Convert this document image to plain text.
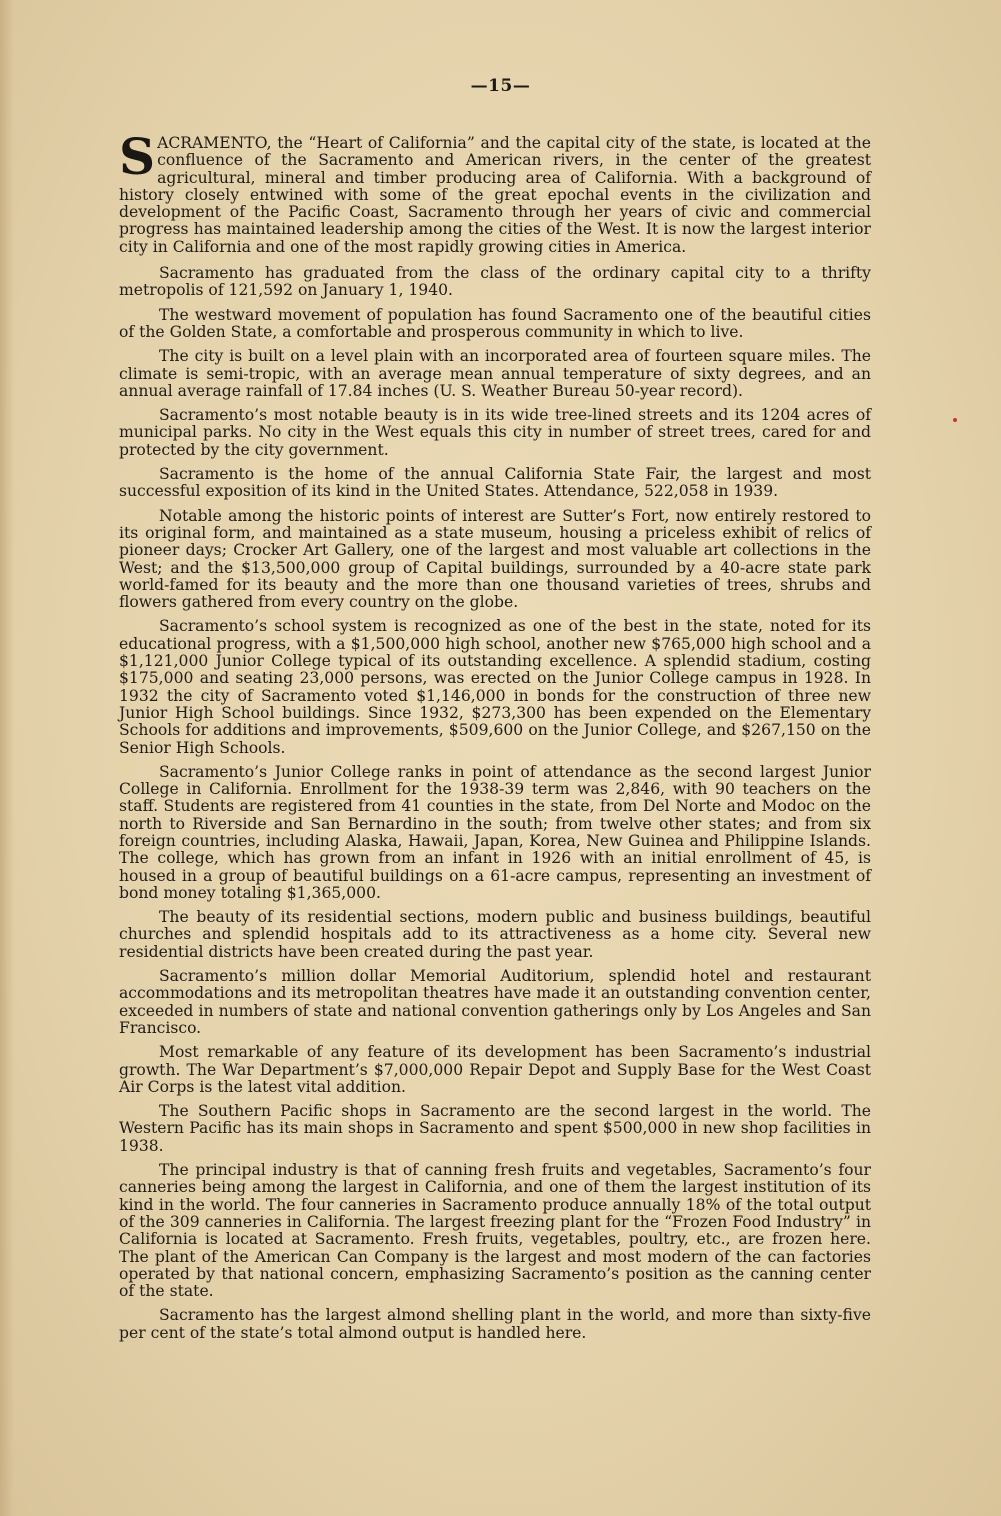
—15—

SACRAMENTO, the “Heart of California” and the capital city of the state, is located at the confluence of the Sacramento and American rivers, in the center of the greatest agricultural, mineral and timber producing area of California. With a background of history closely entwined with some of the great epochal events in the civilization and development of the Pacific Coast, Sacramento through her years of civic and commercial progress has maintained leadership among the cities of the West. It is now the largest interior city in California and one of the most rapidly growing cities in America.

Sacramento has graduated from the class of the ordinary capital city to a thrifty metropolis of 121,592 on January 1, 1940.

The westward movement of population has found Sacramento one of the beautiful cities of the Golden State, a comfortable and prosperous community in which to live.

The city is built on a level plain with an incorporated area of fourteen square miles. The climate is semi-tropic, with an average mean annual temperature of sixty degrees, and an annual average rainfall of 17.84 inches (U. S. Weather Bureau 50-year record).

Sacramento’s most notable beauty is in its wide tree-lined streets and its 1204 acres of municipal parks. No city in the West equals this city in number of street trees, cared for and protected by the city government.

Sacramento is the home of the annual California State Fair, the largest and most successful exposition of its kind in the United States. Attendance, 522,058 in 1939.

Notable among the historic points of interest are Sutter’s Fort, now entirely restored to its original form, and maintained as a state museum, housing a priceless exhibit of relics of pioneer days; Crocker Art Gallery, one of the largest and most valuable art collections in the West; and the $13,500,000 group of Capital buildings, surrounded by a 40-acre state park world-famed for its beauty and the more than one thousand varieties of trees, shrubs and flowers gathered from every country on the globe.

Sacramento’s school system is recognized as one of the best in the state, noted for its educational progress, with a $1,500,000 high school, another new $765,000 high school and a $1,121,000 Junior College typical of its outstanding excellence. A splendid stadium, costing $175,000 and seating 23,000 persons, was erected on the Junior College campus in 1928. In 1932 the city of Sacramento voted $1,146,000 in bonds for the construction of three new Junior High School buildings. Since 1932, $273,300 has been expended on the Elementary Schools for additions and improvements, $509,600 on the Junior College, and $267,150 on the Senior High Schools.

Sacramento’s Junior College ranks in point of attendance as the second largest Junior College in California. Enrollment for the 1938-39 term was 2,846, with 90 teachers on the staff. Students are registered from 41 counties in the state, from Del Norte and Modoc on the north to Riverside and San Bernardino in the south; from twelve other states; and from six foreign countries, including Alaska, Hawaii, Japan, Korea, New Guinea and Philippine Islands. The college, which has grown from an infant in 1926 with an initial enrollment of 45, is housed in a group of beautiful buildings on a 61-acre campus, representing an investment of bond money totaling $1,365,000.

The beauty of its residential sections, modern public and business buildings, beautiful churches and splendid hospitals add to its attractiveness as a home city. Several new residential districts have been created during the past year.

Sacramento’s million dollar Memorial Auditorium, splendid hotel and restaurant accommodations and its metropolitan theatres have made it an outstanding convention center, exceeded in numbers of state and national convention gatherings only by Los Angeles and San Francisco.

Most remarkable of any feature of its development has been Sacramento’s industrial growth. The War Department’s $7,000,000 Repair Depot and Supply Base for the West Coast Air Corps is the latest vital addition.

The Southern Pacific shops in Sacramento are the second largest in the world. The Western Pacific has its main shops in Sacramento and spent $500,000 in new shop facilities in 1938.

The principal industry is that of canning fresh fruits and vegetables, Sacramento’s four canneries being among the largest in California, and one of them the largest institution of its kind in the world. The four canneries in Sacramento produce annually 18% of the total output of the 309 canneries in California. The largest freezing plant for the “Frozen Food Industry” in California is located at Sacramento. Fresh fruits, vegetables, poultry, etc., are frozen here. The plant of the American Can Company is the largest and most modern of the can factories operated by that national concern, emphasizing Sacramento’s position as the canning center of the state.

Sacramento has the largest almond shelling plant in the world, and more than sixty-five per cent of the state’s total almond output is handled here.
